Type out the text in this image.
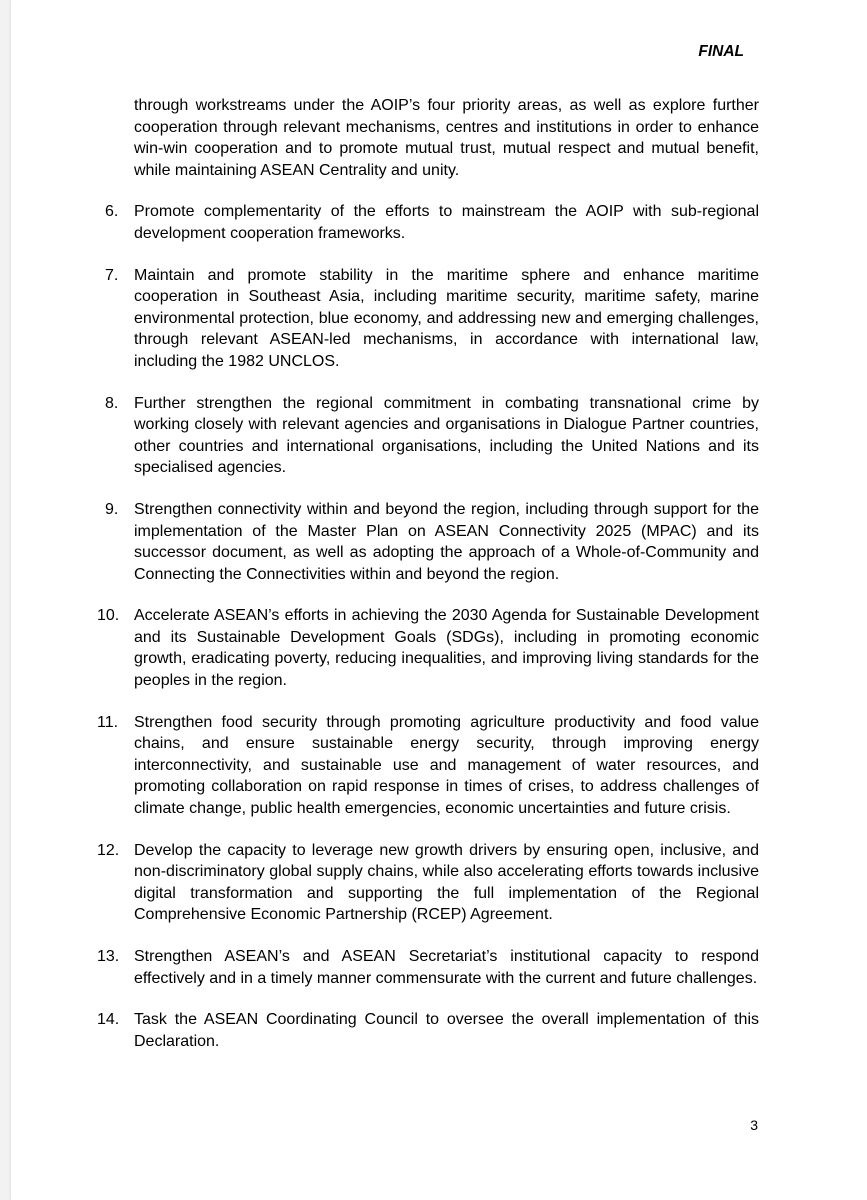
FINAL

through workstreams under the AOIP’s four priority areas, as well as explore further cooperation through relevant mechanisms, centres and institutions in order to enhance win-win cooperation and to promote mutual trust, mutual respect and mutual benefit, while maintaining ASEAN Centrality and unity.

6. Promote complementarity of the efforts to mainstream the AOIP with sub-regional development cooperation frameworks.
7. Maintain and promote stability in the maritime sphere and enhance maritime cooperation in Southeast Asia, including maritime security, maritime safety, marine environmental protection, blue economy, and addressing new and emerging challenges, through relevant ASEAN-led mechanisms, in accordance with international law, including the 1982 UNCLOS.
8. Further strengthen the regional commitment in combating transnational crime by working closely with relevant agencies and organisations in Dialogue Partner countries, other countries and international organisations, including the United Nations and its specialised agencies.
9. Strengthen connectivity within and beyond the region, including through support for the implementation of the Master Plan on ASEAN Connectivity 2025 (MPAC) and its successor document, as well as adopting the approach of a Whole-of-Community and Connecting the Connectivities within and beyond the region.
10. Accelerate ASEAN’s efforts in achieving the 2030 Agenda for Sustainable Development and its Sustainable Development Goals (SDGs), including in promoting economic growth, eradicating poverty, reducing inequalities, and improving living standards for the peoples in the region.
11. Strengthen food security through promoting agriculture productivity and food value chains, and ensure sustainable energy security, through improving energy interconnectivity, and sustainable use and management of water resources, and promoting collaboration on rapid response in times of crises, to address challenges of climate change, public health emergencies, economic uncertainties and future crisis.
12. Develop the capacity to leverage new growth drivers by ensuring open, inclusive, and non-discriminatory global supply chains, while also accelerating efforts towards inclusive digital transformation and supporting the full implementation of the Regional Comprehensive Economic Partnership (RCEP) Agreement.
13. Strengthen ASEAN’s and ASEAN Secretariat’s institutional capacity to respond effectively and in a timely manner commensurate with the current and future challenges.
14. Task the ASEAN Coordinating Council to oversee the overall implementation of this Declaration.
3
